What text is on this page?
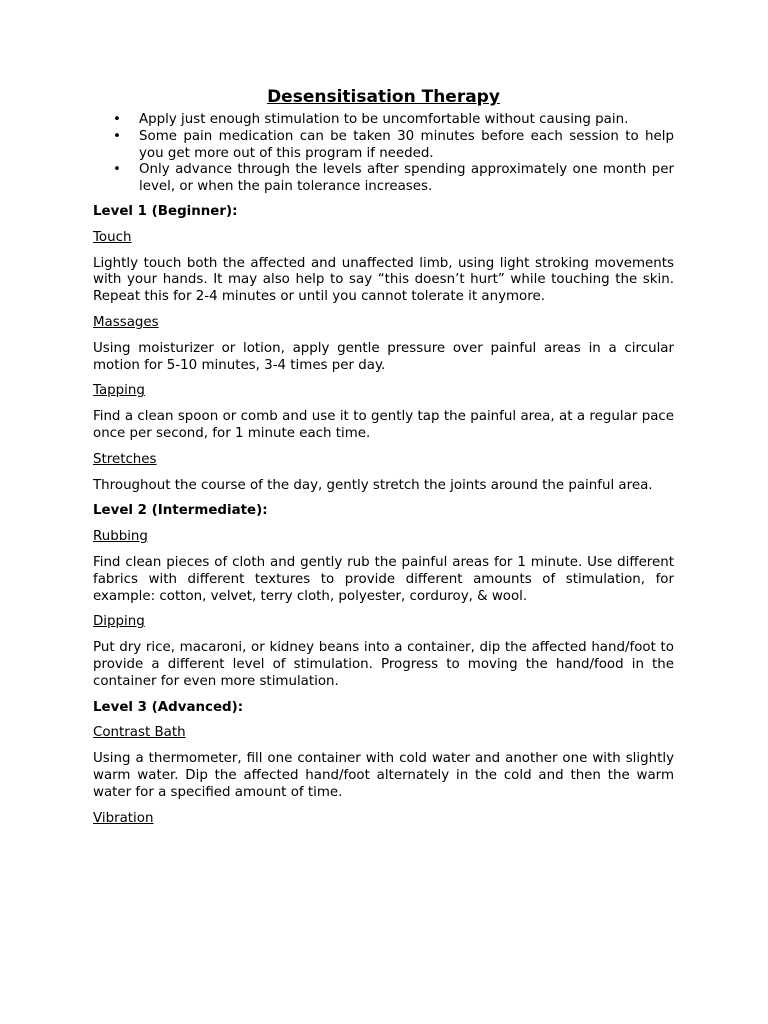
Desensitisation Therapy
• Apply just enough stimulation to be uncomfortable without causing pain.
• Some pain medication can be taken 30 minutes before each session to help you get more out of this program if needed.
• Only advance through the levels after spending approximately one month per level, or when the pain tolerance increases.
Level 1 (Beginner):
Touch
Lightly touch both the affected and unaffected limb, using light stroking movements with your hands. It may also help to say “this doesn’t hurt” while touching the skin. Repeat this for 2-4 minutes or until you cannot tolerate it anymore.
Massages
Using moisturizer or lotion, apply gentle pressure over painful areas in a circular motion for 5-10 minutes, 3-4 times per day.
Tapping
Find a clean spoon or comb and use it to gently tap the painful area, at a regular pace once per second, for 1 minute each time.
Stretches
Throughout the course of the day, gently stretch the joints around the painful area.
Level 2 (Intermediate):
Rubbing
Find clean pieces of cloth and gently rub the painful areas for 1 minute. Use different fabrics with different textures to provide different amounts of stimulation, for example: cotton, velvet, terry cloth, polyester, corduroy, & wool.
Dipping
Put dry rice, macaroni, or kidney beans into a container, dip the affected hand/foot to provide a different level of stimulation. Progress to moving the hand/food in the container for even more stimulation.
Level 3 (Advanced):
Contrast Bath
Using a thermometer, fill one container with cold water and another one with slightly warm water. Dip the affected hand/foot alternately in the cold and then the warm water for a specified amount of time.
Vibration
